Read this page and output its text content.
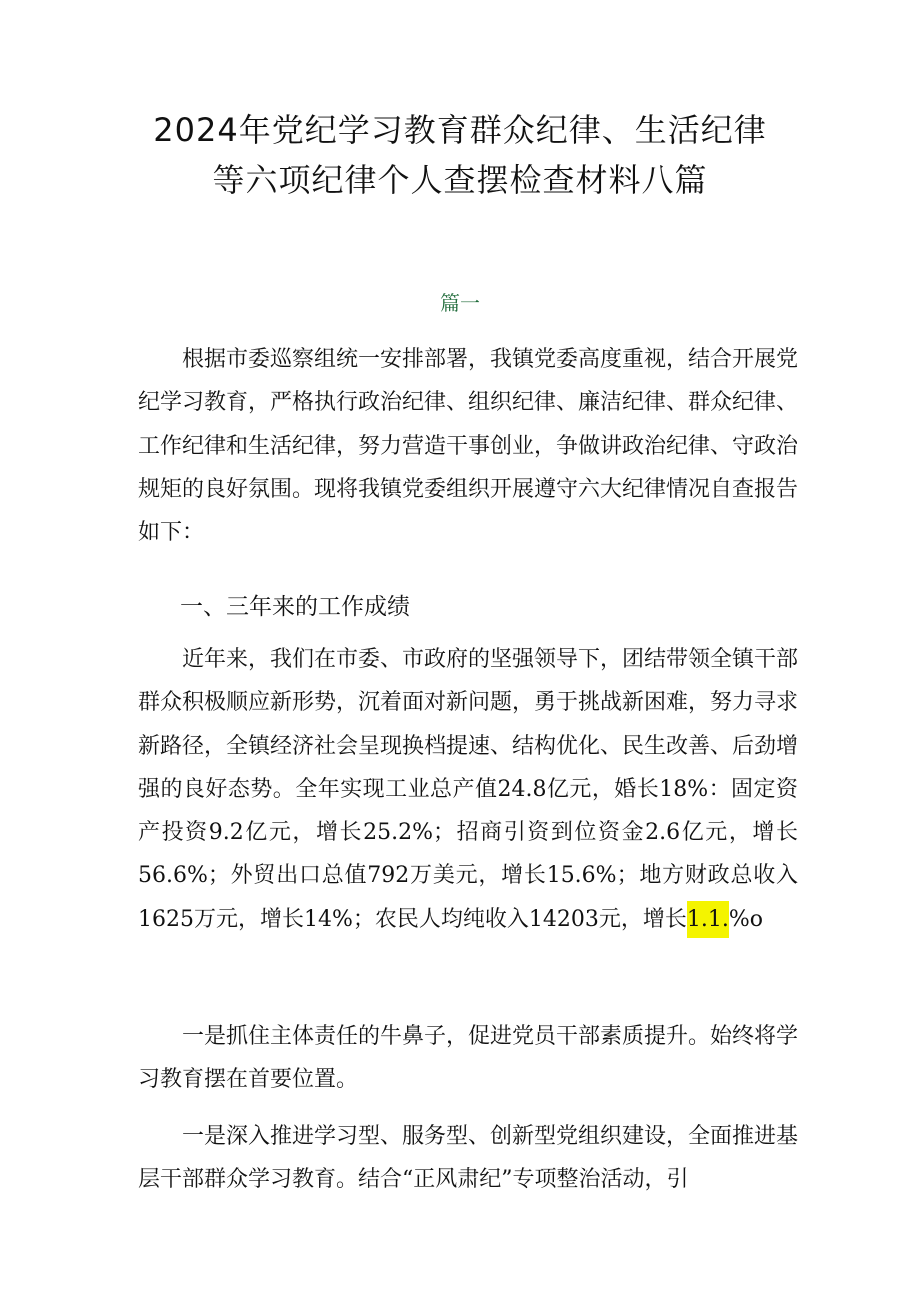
2024年党纪学习教育群众纪律、生活纪律
等六项纪律个人查摆检查材料八篇
篇一

根据市委巡察组统一安排部署，我镇党委高度重视，结合开展党纪学习教育，严格执行政治纪律、组织纪律、廉洁纪律、群众纪律、工作纪律和生活纪律，努力营造干事创业，争做讲政治纪律、守政治规矩的良好氛围。现将我镇党委组织开展遵守六大纪律情况自查报告如下：

一、三年来的工作成绩

近年来，我们在市委、市政府的坚强领导下，团结带领全镇干部群众积极顺应新形势，沉着面对新问题，勇于挑战新困难，努力寻求新路径，全镇经济社会呈现换档提速、结构优化、民生改善、后劲增强的良好态势。全年实现工业总产值24.8亿元，婚长18%：固定资产投资9.2亿元，增长25.2%；招商引资到位资金2.6亿元，增长56.6%；外贸出口总值792万美元，增长15.6%；地方财政总收入1625万元，增长14%；农民人均纯收入14203元，增长1.1.%o

一是抓住主体责任的牛鼻子，促进党员干部素质提升。始终将学习教育摆在首要位置。

一是深入推进学习型、服务型、创新型党组织建设，全面推进基层干部群众学习教育。结合“正风肃纪”专项整治活动，引
